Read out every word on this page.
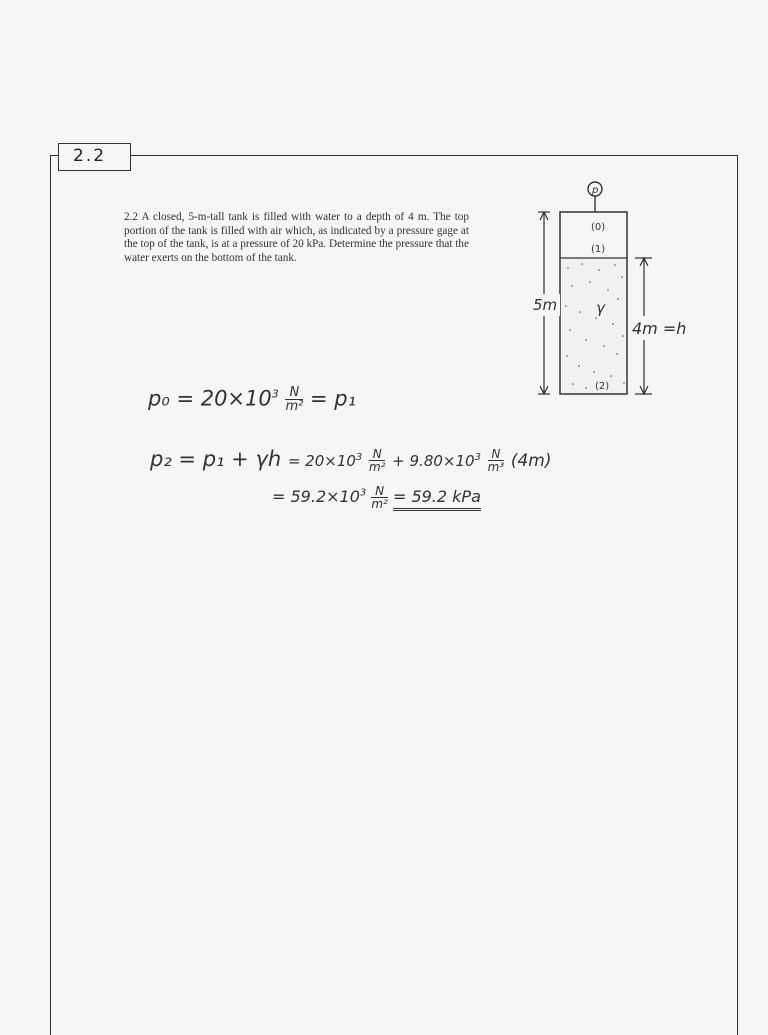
2.2
2.2 A closed, 5-m-tall tank is filled with water to a depth of 4 m. The top portion of the tank is filled with air which, as indicated by a pressure gage at the top of the tank, is at a pressure of 20 kPa. Determine the pressure that the water exerts on the bottom of the tank.
p
(0)
(1)
(2)
γ
5m
4m =h
$p_0 = 20\times 10^3 \frac{N}{\text{m²}} = p_1$
$p_2 = p_1 + \gamma h = 20\times 10^3 \frac{N}{\text{m²}} + 9.80\times 10^3 \frac{N}{\text{m³}} (4m)$
= $59.2\times 10^3 \frac{N}{\text{m²}} = 59.2$ kPa
